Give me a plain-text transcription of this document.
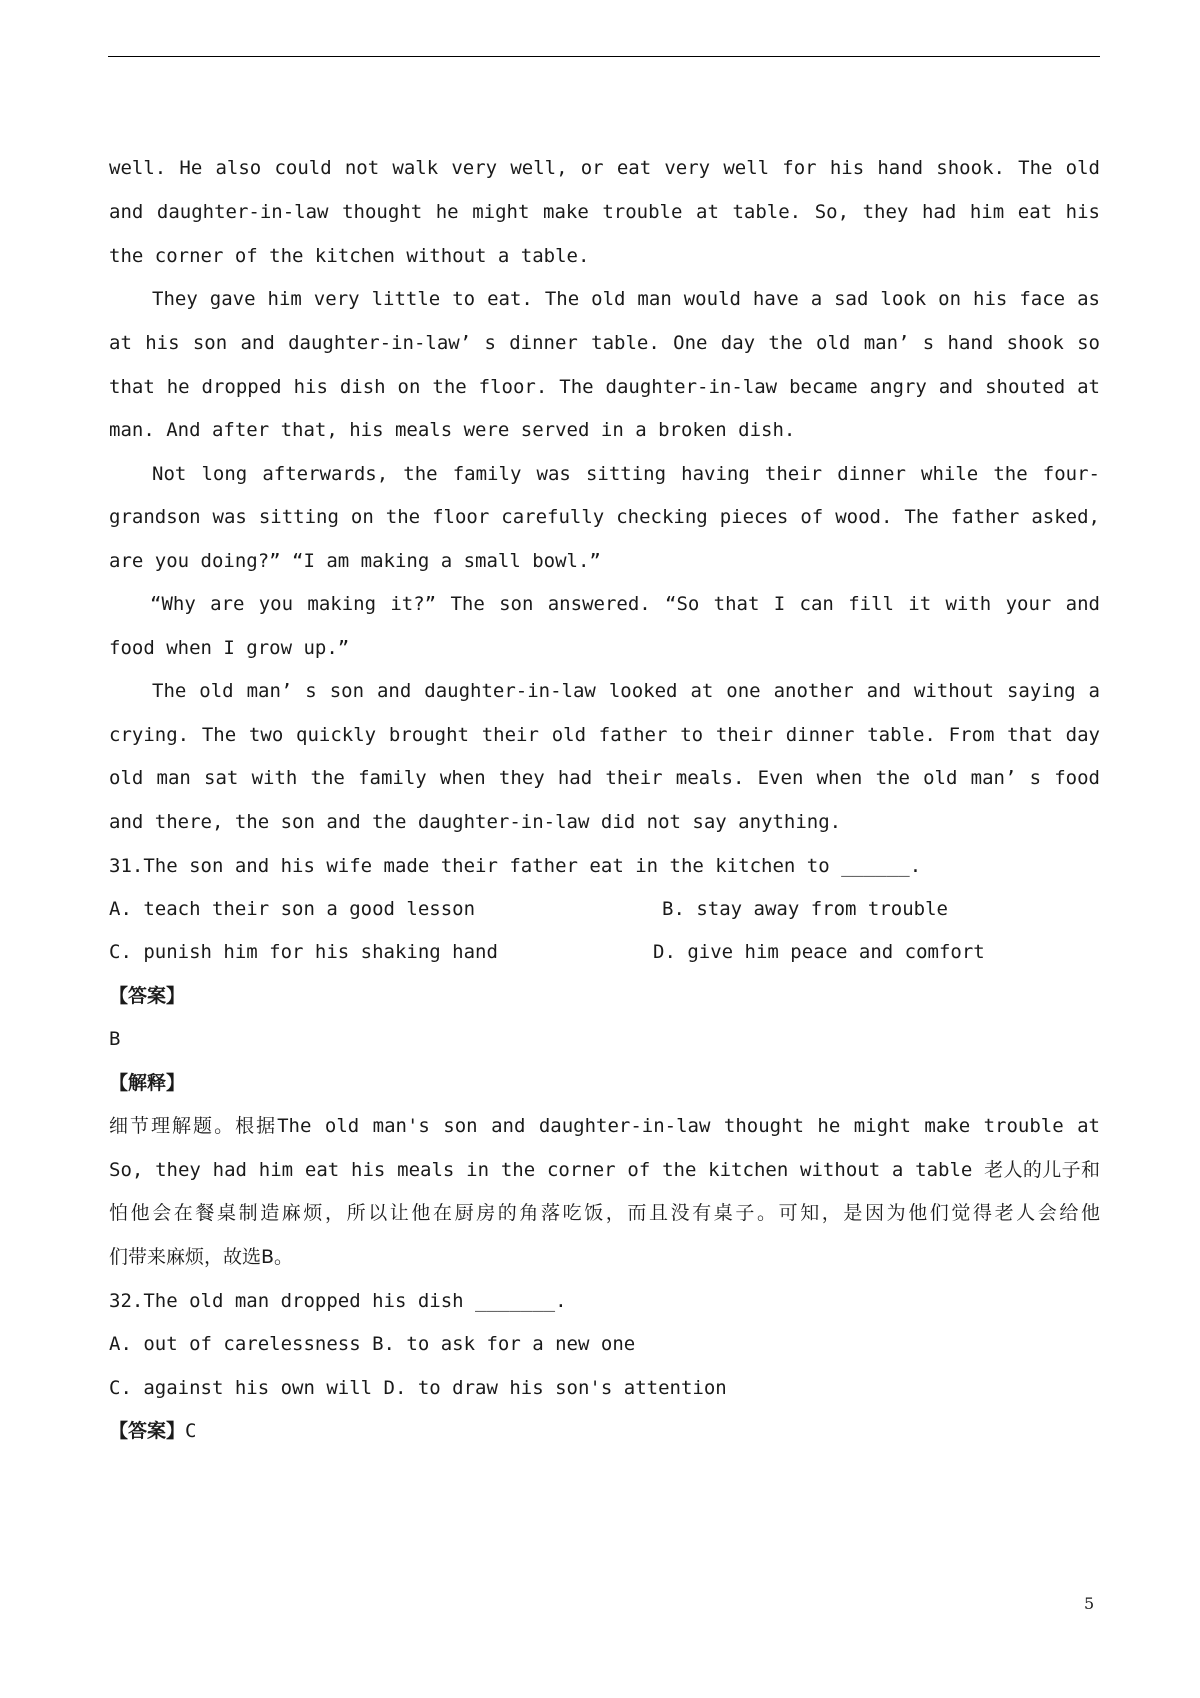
well. He also could not walk very well, or eat very well for his hand shook. The old
and daughter-in-law thought he might make trouble at table. So, they had him eat his
the corner of the kitchen without a table.
They gave him very little to eat. The old man would have a sad look on his face as
at his son and daughter-in-law’ s dinner table. One day the old man’ s hand shook so
that he dropped his dish on the floor. The daughter-in-law became angry and shouted at
man. And after that, his meals were served in a broken dish.
Not long afterwards, the family was sitting having their dinner while the four-
grandson was sitting on the floor carefully checking pieces of wood. The father asked,
are you doing?” “I am making a small bowl.”
“Why are you making it?” The son answered. “So that I can fill it with your and
food when I grow up.”
The old man’ s son and daughter-in-law looked at one another and without saying a
crying. The two quickly brought their old father to their dinner table. From that day
old man sat with the family when they had their meals. Even when the old man’ s food
and there, the son and the daughter-in-law did not say anything.
31.The son and his wife made their father eat in the kitchen to ______.
A. teach their son a good lesson	B. stay away from trouble
C. punish him for his shaking hand	D. give him peace and comfort
【答案】
B
【解释】
细节理解题。根据The old man's son and daughter-in-law thought he might make trouble at
So, they had him eat his meals in the corner of the kitchen without a table 老人的儿子和
怕他会在餐桌制造麻烦，所以让他在厨房的角落吃饭，而且没有桌子。可知，是因为他们觉得老人会给他
们带来麻烦，故选B。
32.The old man dropped his dish _______.
A. out of carelessness B. to ask for a new one
C. against his own will D. to draw his son's attention
【答案】C
5
